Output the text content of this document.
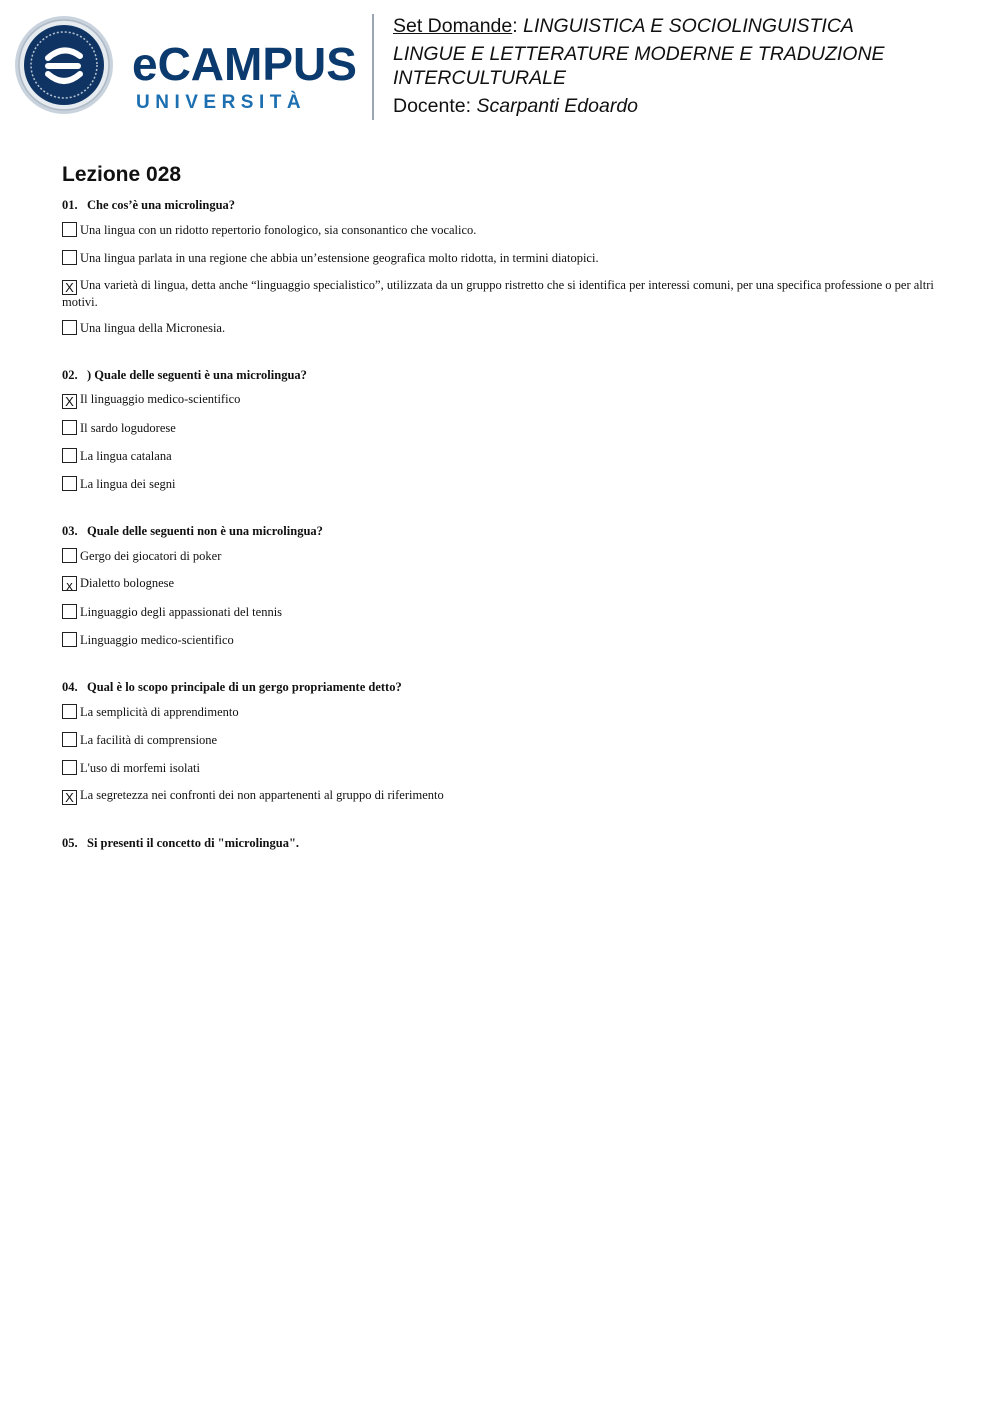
eCAMPUS
UNIVERSITÀ

Set Domande: LINGUISTICA E SOCIOLINGUISTICA

LINGUE E LETTERATURE MODERNE E TRADUZIONE

INTERCULTURALE

Docente: Scarpanti Edoardo

Lezione 028

01. Che cos’è una microlingua?

Una lingua con un ridotto repertorio fonologico, sia consonantico che vocalico.
Una lingua parlata in una regione che abbia un’estensione geografica molto ridotta, in termini diatopici.
X Una varietà di lingua, detta anche “linguaggio specialistico”, utilizzata da un gruppo ristretto che si identifica per interessi comuni, per una specifica professione o per altri motivi.
Una lingua della Micronesia.

02. ) Quale delle seguenti è una microlingua?

X Il linguaggio medico-scientifico
Il sardo logudorese
La lingua catalana
La lingua dei segni

03. Quale delle seguenti non è una microlingua?

Gergo dei giocatori di poker
x Dialetto bolognese
Linguaggio degli appassionati del tennis
Linguaggio medico-scientifico

04. Qual è lo scopo principale di un gergo propriamente detto?

La semplicità di apprendimento
La facilità di comprensione
L'uso di morfemi isolati
X La segretezza nei confronti dei non appartenenti al gruppo di riferimento

05. Si presenti il concetto di "microlingua".
